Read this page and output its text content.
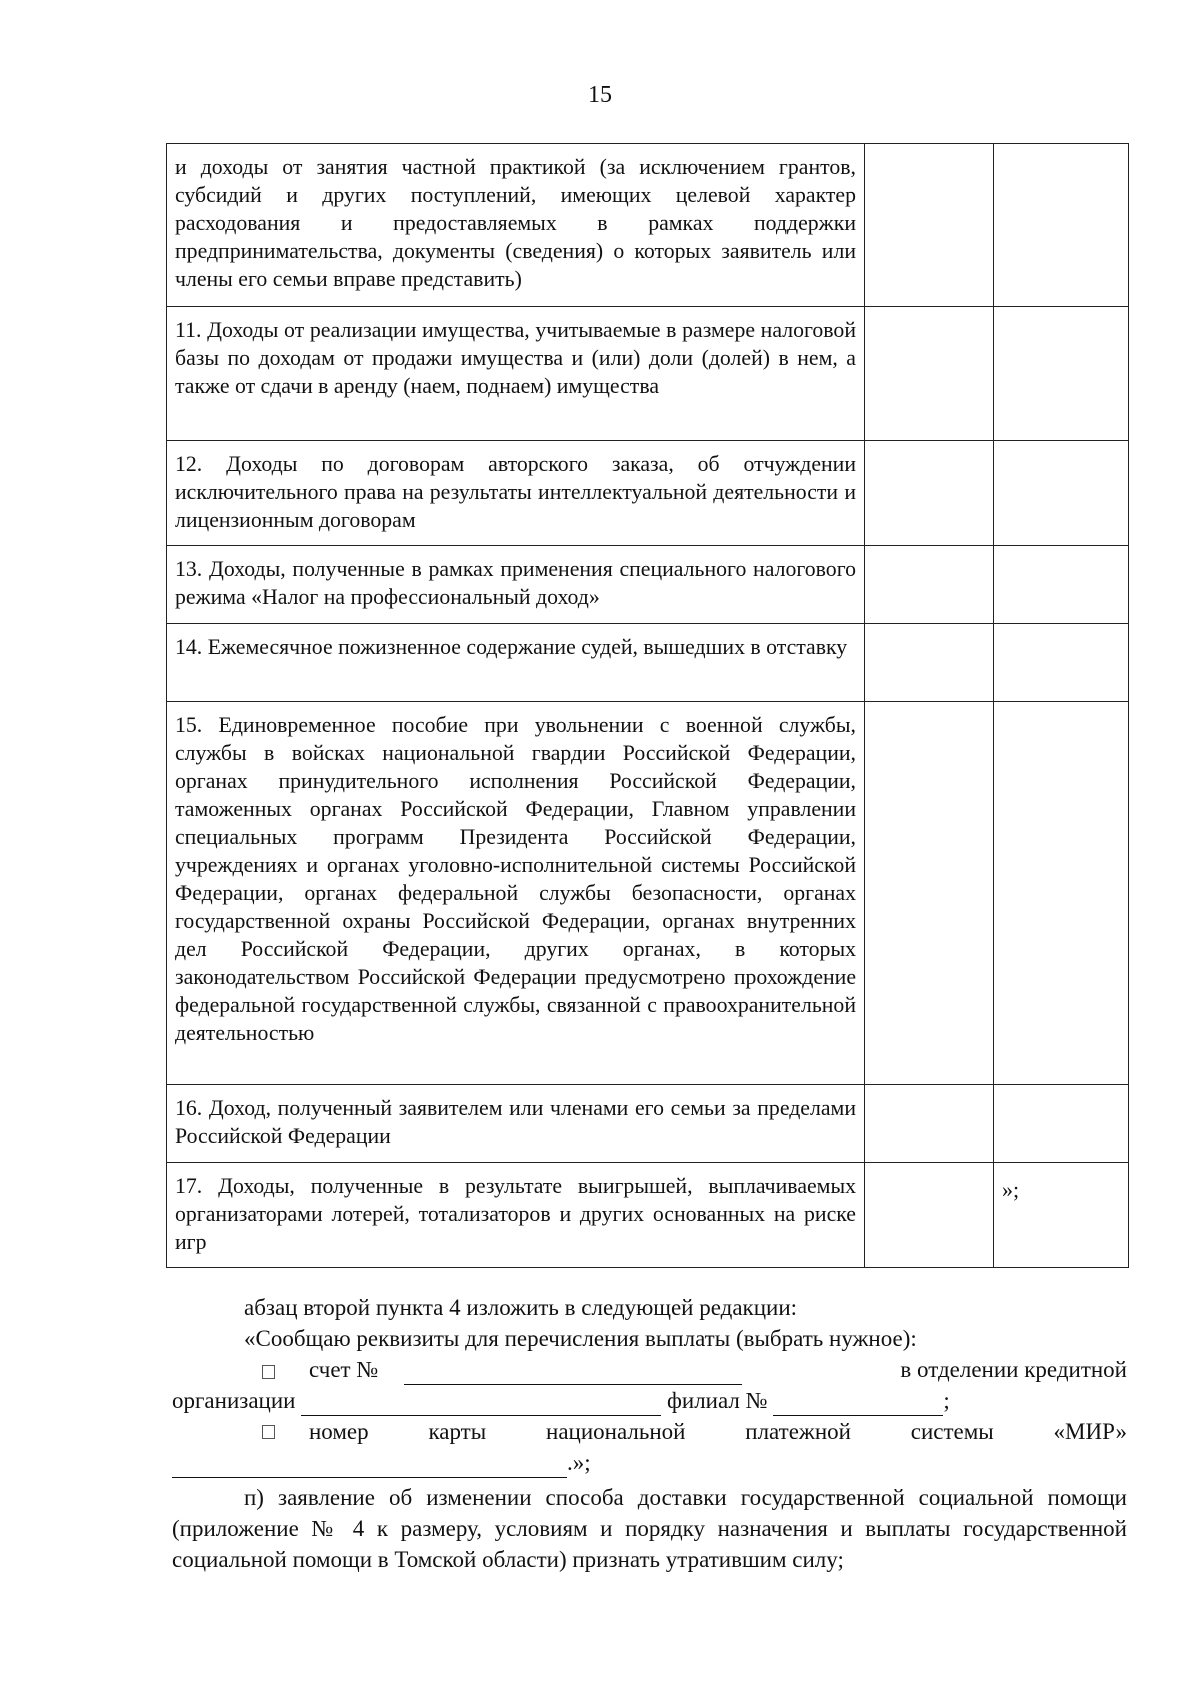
15
и доходы от занятия частной практикой (за исключением грантов, субсидий и других поступлений, имеющих целевой характер расходования и предоставляемых в рамках поддержки предпринимательства, документы (сведения) о которых заявитель или члены его семьи вправе представить)		

11. Доходы от реализации имущества, учитываемые в размере налоговой базы по доходам от продажи имущества и (или) доли (долей) в нем, а также от сдачи в аренду (наем, поднаем) имущества		

12. Доходы по договорам авторского заказа, об отчуждении исключительного права на результаты интеллектуальной деятельности и лицензионным договорам		

13. Доходы, полученные в рамках применения специального налогового режима «Налог на профессиональный доход»		

14. Ежемесячное пожизненное содержание судей, вышедших в отставку		

15. Единовременное пособие при увольнении с военной службы, службы в войсках национальной гвардии Российской Федерации, органах принудительного исполнения Российской Федерации, таможенных органах Российской Федерации, Главном управлении специальных программ Президента Российской Федерации, учреждениях и органах уголовно-исполнительной системы Российской Федерации, органах федеральной службы безопасности, органах государственной охраны Российской Федерации, органах внутренних дел Российской Федерации, других органах, в которых законодательством Российской Федерации предусмотрено прохождение федеральной государственной службы, связанной с правоохранительной деятельностью		

16. Доход, полученный заявителем или членами его семьи за пределами Российской Федерации		

17. Доходы, полученные в результате выигрышей, выплачиваемых организаторами лотерей, тотализаторов и других основанных на риске игр		»;
абзац второй пункта 4 изложить в следующей редакции:
«Сообщаю реквизиты для перечисления выплаты (выбрать нужное):
счет №	в отделении кредитной
организации	филиал №	;
номер карты национальной платежной системы «МИР»
.»;
п) заявление об изменении способа доставки государственной социальной помощи (приложение № 4 к размеру, условиям и порядку назначения и выплаты государственной социальной помощи в Томской области) признать утратившим силу;
